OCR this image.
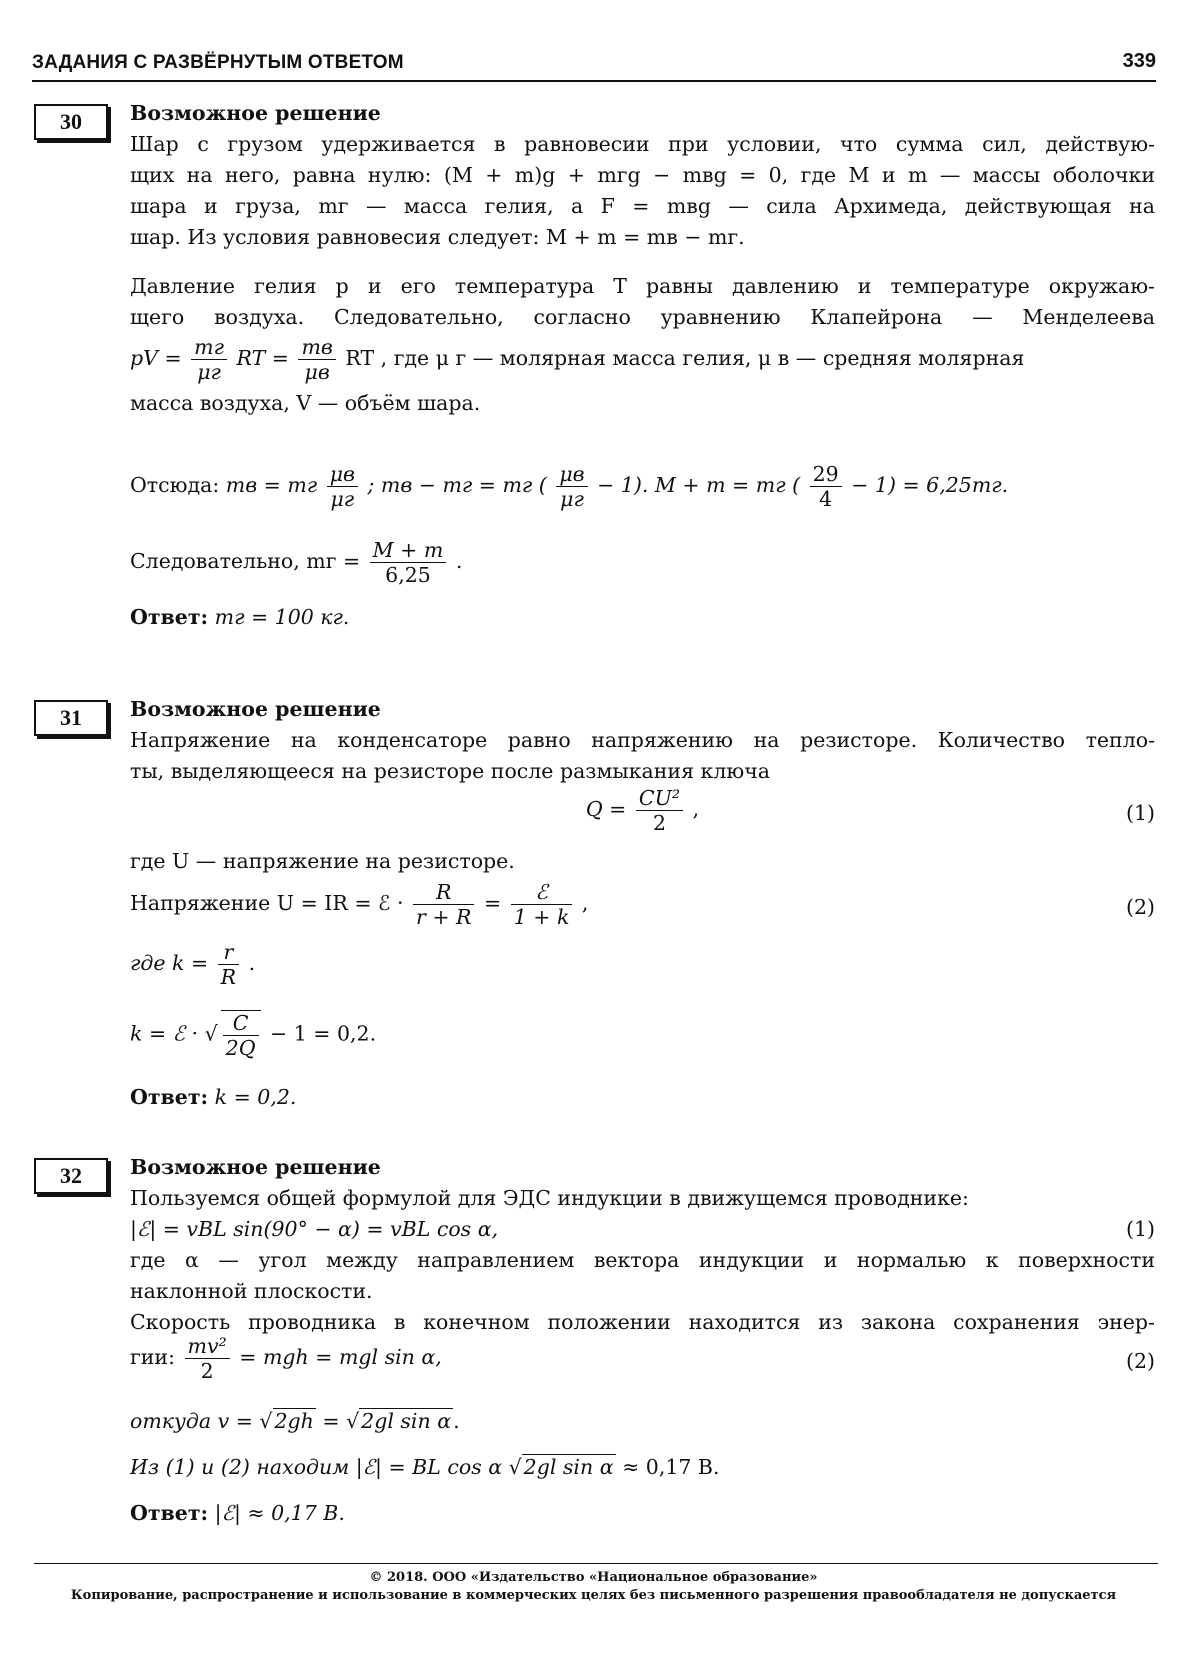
ЗАДАНИЯ С РАЗВЁРНУТЫМ ОТВЕТОМ	339
30	Возможное решение
Шар с грузом удерживается в равновесии при условии, что сумма сил, действую-
щих на него, равна нулю: (M + m)g + mгg − mвg = 0, где M и m — массы оболочки
шара и груза, mг — масса гелия, а F = mвg — сила Архимеда, действующая на
шар. Из условия равновесия следует: M + m = mв − mг.
Давление гелия p и его температура T равны давлению и температуре окружаю-
щего воздуха. Следовательно, согласно уравнению Клапейрона — Менделеева
pV = $\frac{mг}{\mu г}$ RT = $\frac{mв}{\mu в}$ RT , где μ г — молярная масса гелия, μ в — средняя молярная
масса воздуха, V — объём шара.
Отсюда: mв = mг $\frac{\mu в}{\mu г}$ ; mв − mг = mг ( $\frac{\mu в}{\mu г} - 1$). M + m = mг ( $\frac{29}{4} - 1) = 6,25mг$.
Следовательно, mг = $\frac{M + m}{6,25}$ .
Ответ: mг = 100 кг.
31	Возможное решение
Напряжение на конденсаторе равно напряжению на резисторе. Количество тепло-
ты, выделяющееся на резисторе после размыкания ключа
$Q = \frac{\text{CU²}}{2}$ ,	(1)
где U — напряжение на резисторе.
Напряжение U = IR = ℰ · $\frac{R}{r + R} = \frac{\text{ℰ}}{1 + k}$ ,	(2)
где $k = \frac{r}{R}$ .
k = ℰ · √ $\frac{C}{2Q} - 1 = 0,2$.
Ответ: k = 0,2.
32	Возможное решение
Пользуемся общей формулой для ЭДС индукции в движущемся проводнике:
|ℰ| = vBL sin(90° − α) = vBL cos α,	(1)
где α — угол между направлением вектора индукции и нормалью к поверхности
наклонной плоскости.
Скорость проводника в конечном положении находится из закона сохранения энер-
гии: $\frac{\text{mv²}}{2}$ = mgh = mgl sin α,	(2)
откуда v = √2gh = √2gl sin α.
Из (1) и (2) находим |ℰ| = BL cos α √2gl sin α ≈ 0,17 В.
Ответ: |ℰ| ≈ 0,17 В.
© 2018. ООО «Издательство «Национальное образование»
Копирование, распространение и использование в коммерческих целях без письменного разрешения правообладателя не допускается
